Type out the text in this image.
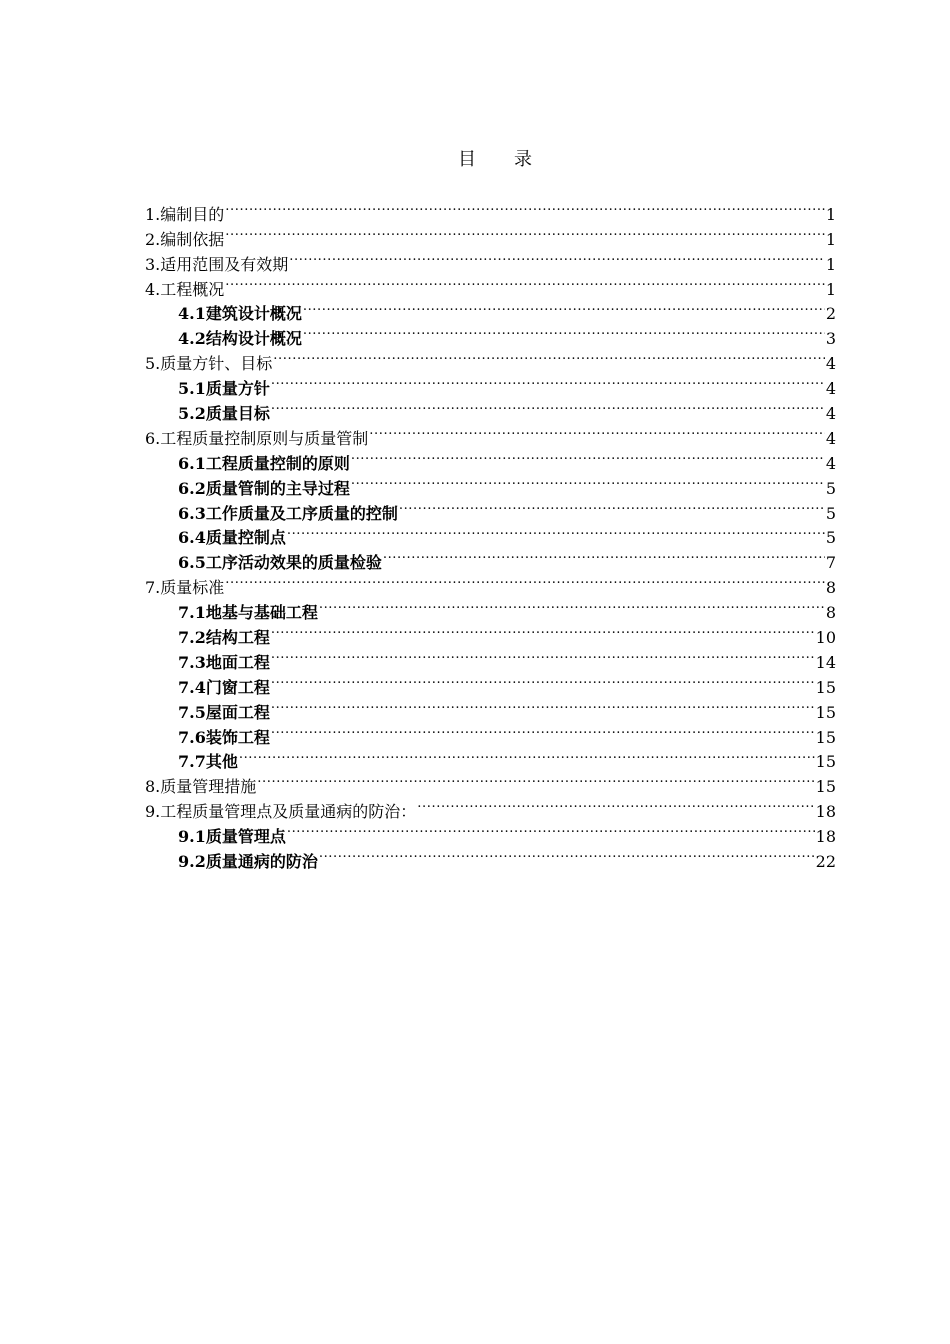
目 录
1.编制目的 .....	1
2.编制依据 .....	1
3.适用范围及有效期 .....	1
4.工程概况 .....	1
4.1建筑设计概况 .....	2
4.2结构设计概况 .....	3
5.质量方针、目标 .....	4
5.1质量方针 .....	4
5.2质量目标 .....	4
6.工程质量控制原则与质量管制 .....	4
6.1工程质量控制的原则 .....	4
6.2质量管制的主导过程 .....	5
6.3工作质量及工序质量的控制 .....	5
6.4质量控制点 .....	5
6.5工序活动效果的质量检验 .....	7
7.质量标准 .....	8
7.1地基与基础工程 .....	8
7.2结构工程 .....	10
7.3地面工程 .....	14
7.4门窗工程 .....	15
7.5屋面工程 .....	15
7.6装饰工程 .....	15
7.7其他 .....	15
8.质量管理措施 .....	15
9.工程质量管理点及质量通病的防治： .....	18
9.1质量管理点 .....	18
9.2质量通病的防治 .....	22
